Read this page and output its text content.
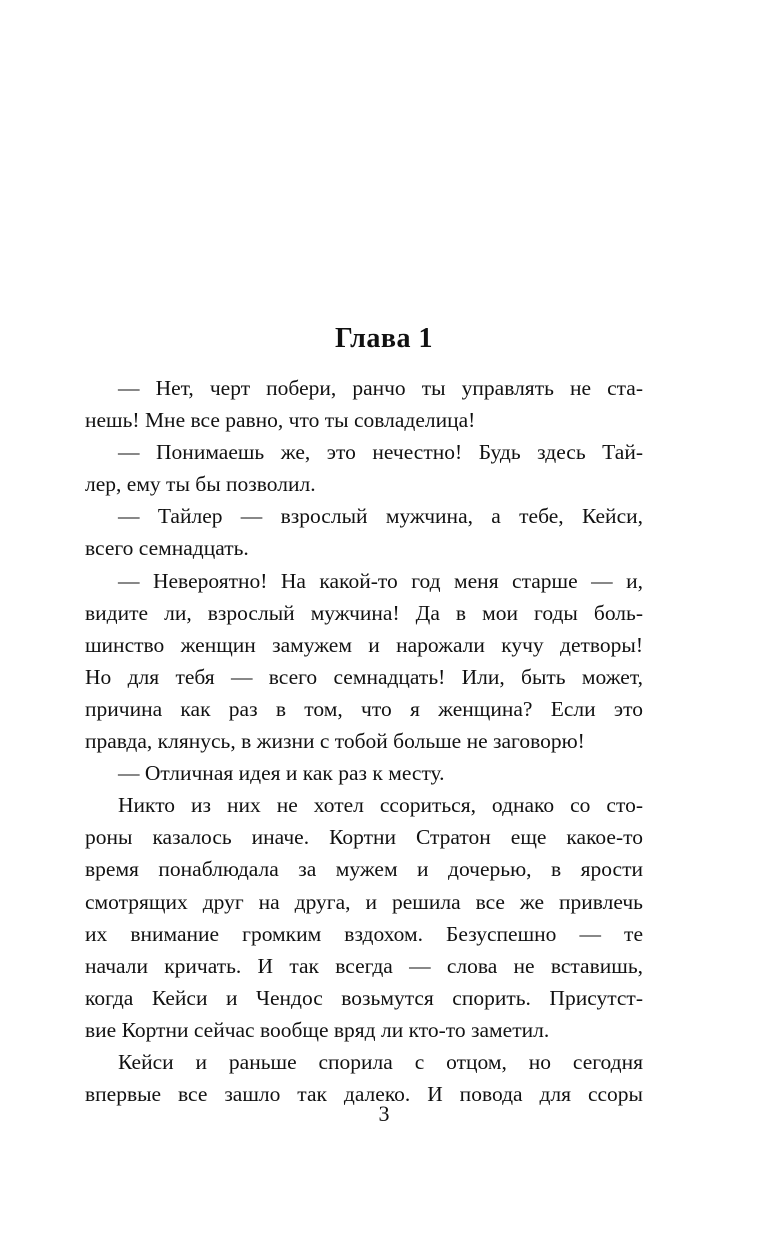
Глава 1
— Нет, черт побери, ранчо ты управлять не ста-
нешь! Мне все равно, что ты совладелица!
— Понимаешь же, это нечестно! Будь здесь Тай-
лер, ему ты бы позволил.
— Тайлер — взрослый мужчина, а тебе, Кейси,
всего семнадцать.
— Невероятно! На какой-то год меня старше — и,
видите ли, взрослый мужчина! Да в мои годы боль-
шинство женщин замужем и нарожали кучу детворы!
Но для тебя — всего семнадцать! Или, быть может,
причина как раз в том, что я женщина? Если это
правда, клянусь, в жизни с тобой больше не заговорю!
— Отличная идея и как раз к месту.
Никто из них не хотел ссориться, однако со сто-
роны казалось иначе. Кортни Стратон еще какое-то
время понаблюдала за мужем и дочерью, в ярости
смотрящих друг на друга, и решила все же привлечь
их внимание громким вздохом. Безуспешно — те
начали кричать. И так всегда — слова не вставишь,
когда Кейси и Чендос возьмутся спорить. Присутст-
вие Кортни сейчас вообще вряд ли кто-то заметил.
Кейси и раньше спорила с отцом, но сегодня
впервые все зашло так далеко. И повода для ссоры
3
